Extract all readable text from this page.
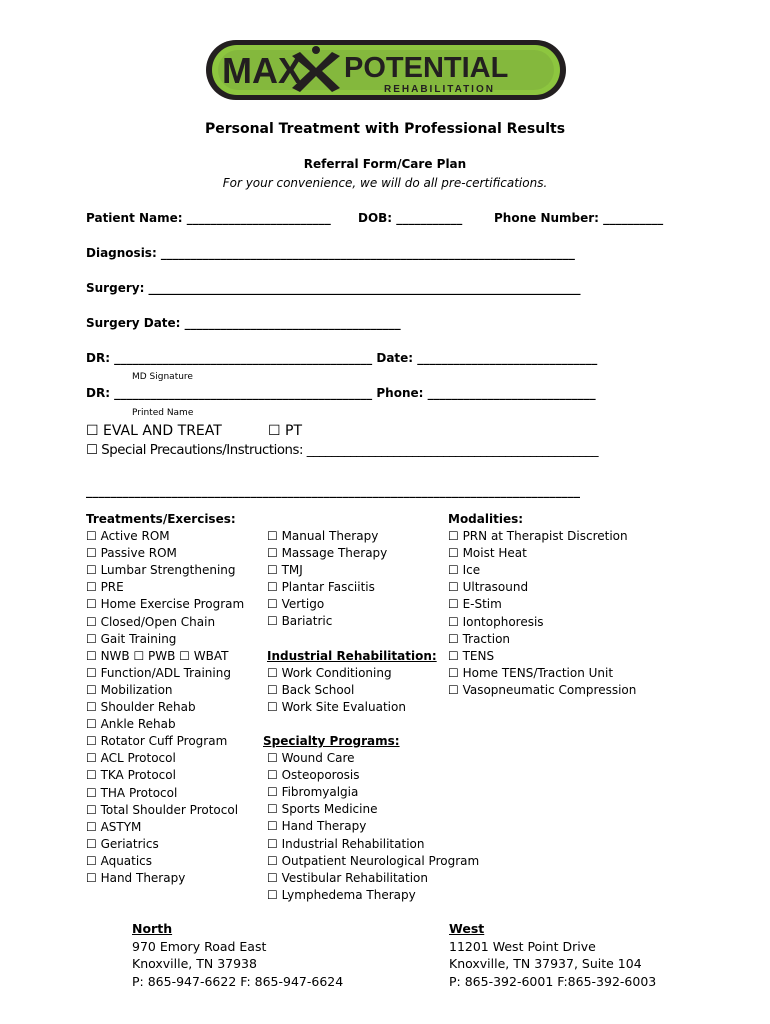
MAX POTENTIAL
REHABILITATION
Personal Treatment with Professional Results
Referral Form/Care Plan
For your convenience, we will do all pre-certifications.
Patient Name: ________________________ DOB: ___________	Phone Number: __________
Diagnosis: _____________________________________________________________________
Surgery: ________________________________________________________________________
Surgery Date: ____________________________________
DR: ___________________________________________ Date: ______________________________
MD Signature
DR: ___________________________________________ Phone: ____________________________
Printed Name
☐ EVAL AND TREAT	☐ PT
☐ Special Precautions/Instructions: _______________________________________________
_________________________________________________________________________________
Treatments/Exercises:
☐ Active ROM
☐ Passive ROM
☐ Lumbar Strengthening
☐ PRE
☐ Home Exercise Program
☐ Closed/Open Chain
☐ Gait Training
☐ NWB ☐ PWB ☐ WBAT
☐ Function/ADL Training
☐ Mobilization
☐ Shoulder Rehab
☐ Ankle Rehab
☐ Rotator Cuff Program
☐ ACL Protocol
☐ TKA Protocol
☐ THA Protocol
☐ Total Shoulder Protocol
☐ ASTYM
☐ Geriatrics
☐ Aquatics
☐ Hand Therapy
☐ Manual Therapy
☐ Massage Therapy
☐ TMJ
☐ Plantar Fasciitis
☐ Vertigo
☐ Bariatric
Industrial Rehabilitation:
☐ Work Conditioning
☐ Back School
☐ Work Site Evaluation
Specialty Programs:
☐ Wound Care
☐ Osteoporosis
☐ Fibromyalgia
☐ Sports Medicine
☐ Hand Therapy
☐ Industrial Rehabilitation
☐ Outpatient Neurological Program
☐ Vestibular Rehabilitation
☐ Lymphedema Therapy
Modalities:
☐ PRN at Therapist Discretion
☐ Moist Heat
☐ Ice
☐ Ultrasound
☐ E-Stim
☐ Iontophoresis
☐ Traction
☐ TENS
☐ Home TENS/Traction Unit
☐ Vasopneumatic Compression
North
970 Emory Road East
Knoxville, TN 37938
P: 865-947-6622 F: 865-947-6624
West
11201 West Point Drive
Knoxville, TN 37937, Suite 104
P: 865-392-6001 F:865-392-6003
